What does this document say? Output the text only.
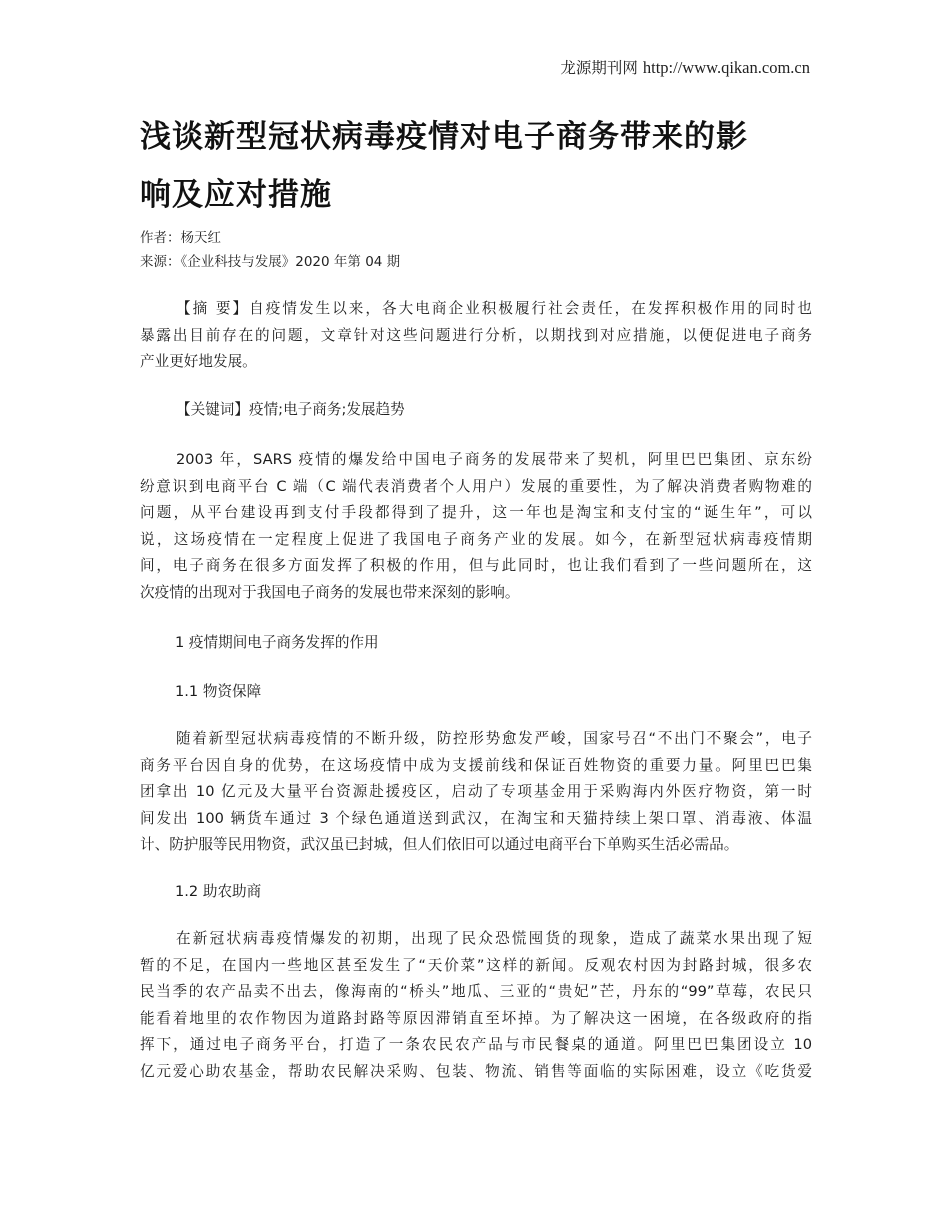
龙源期刊网 http://www.qikan.com.cn
浅谈新型冠状病毒疫情对电子商务带来的影
响及应对措施
作者：杨天红
来源：《企业科技与发展》2020 年第 04 期
【摘 要】自疫情发生以来，各大电商企业积极履行社会责任，在发挥积极作用的同时也
暴露出目前存在的问题，文章针对这些问题进行分析，以期找到对应措施，以便促进电子商务
产业更好地发展。
【关键词】疫情;电子商务;发展趋势
2003 年，SARS 疫情的爆发给中国电子商务的发展带来了契机，阿里巴巴集团、京东纷
纷意识到电商平台 C 端（C 端代表消费者个人用户）发展的重要性，为了解决消费者购物难的
问题，从平台建设再到支付手段都得到了提升，这一年也是淘宝和支付宝的“诞生年”，可以
说，这场疫情在一定程度上促进了我国电子商务产业的发展。如今，在新型冠状病毒疫情期
间，电子商务在很多方面发挥了积极的作用，但与此同时，也让我们看到了一些问题所在，这
次疫情的出现对于我国电子商务的发展也带来深刻的影响。
1 疫情期间电子商务发挥的作用
1.1 物资保障
随着新型冠状病毒疫情的不断升级，防控形势愈发严峻，国家号召“不出门不聚会”，电子
商务平台因自身的优势，在这场疫情中成为支援前线和保证百姓物资的重要力量。阿里巴巴集
团拿出 10 亿元及大量平台资源赴援疫区，启动了专项基金用于采购海内外医疗物资，第一时
间发出 100 辆货车通过 3 个绿色通道送到武汉，在淘宝和天猫持续上架口罩、消毒液、体温
计、防护服等民用物资，武汉虽已封城，但人们依旧可以通过电商平台下单购买生活必需品。
1.2 助农助商
在新冠状病毒疫情爆发的初期，出现了民众恐慌囤货的现象，造成了蔬菜水果出现了短
暂的不足，在国内一些地区甚至发生了“天价菜”这样的新闻。反观农村因为封路封城，很多农
民当季的农产品卖不出去，像海南的“桥头”地瓜、三亚的“贵妃”芒，丹东的“99”草莓，农民只
能看着地里的农作物因为道路封路等原因滞销直至坏掉。为了解决这一困境，在各级政府的指
挥下，通过电子商务平台，打造了一条农民农产品与市民餐桌的通道。阿里巴巴集团设立 10
亿元爱心助农基金，帮助农民解决采购、包装、物流、销售等面临的实际困难，设立《吃货爱
